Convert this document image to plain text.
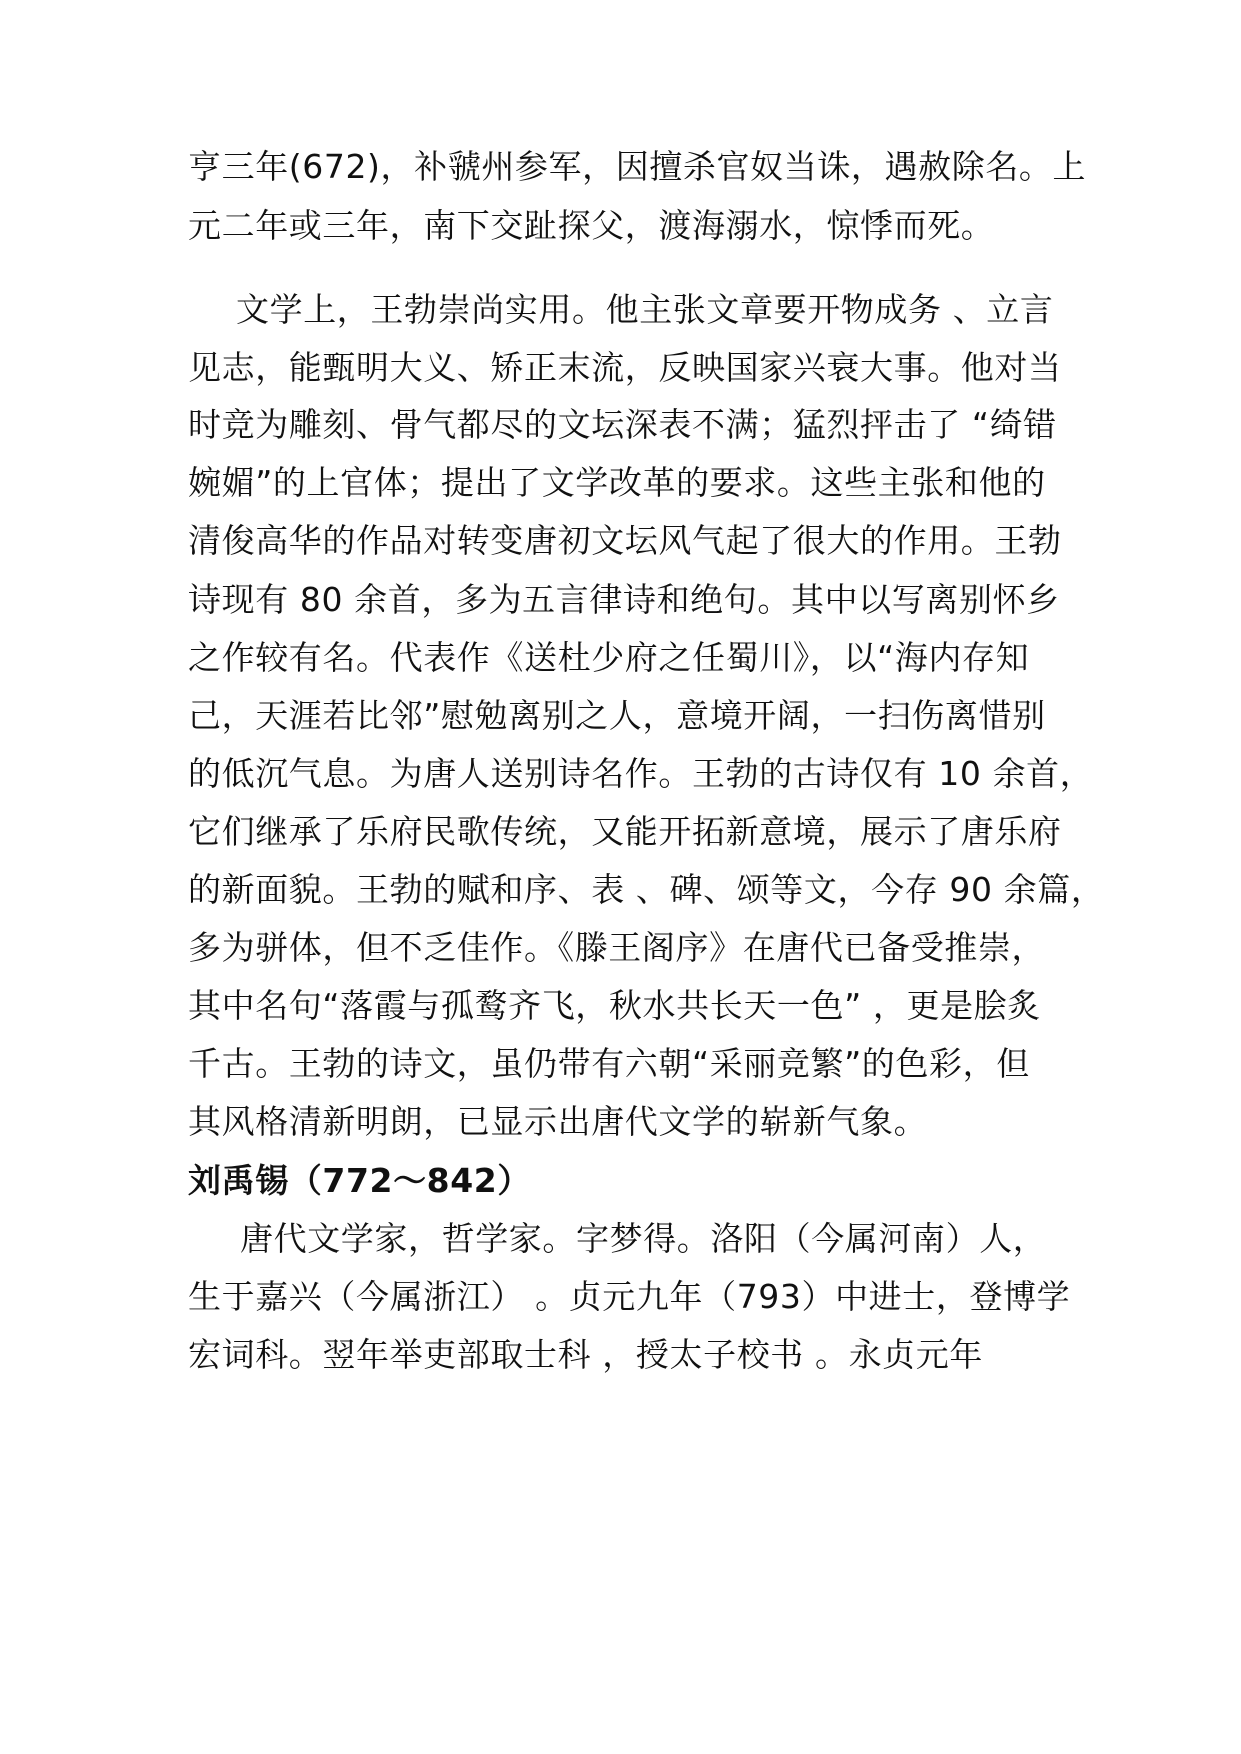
亨三年(672)，补虢州参军，因擅杀官奴当诛，遇赦除名。上
元二年或三年，南下交趾探父，渡海溺水，惊悸而死。
文学上，王勃崇尚实用。他主张文章要开物成务 、立言
见志，能甄明大义、矫正末流，反映国家兴衰大事。他对当
时竞为雕刻、骨气都尽的文坛深表不满；猛烈抨击了 “绮错
婉媚”的上官体；提出了文学改革的要求。这些主张和他的
清俊高华的作品对转变唐初文坛风气起了很大的作用。王勃
诗现有 80 余首，多为五言律诗和绝句。其中以写离别怀乡
之作较有名。代表作《送杜少府之任蜀川》，以“海内存知
己，天涯若比邻”慰勉离别之人，意境开阔，一扫伤离惜别
的低沉气息。为唐人送别诗名作。王勃的古诗仅有 10 余首，
它们继承了乐府民歌传统，又能开拓新意境，展示了唐乐府
的新面貌。王勃的赋和序、表 、碑、颂等文，今存 90 余篇，
多为骈体，但不乏佳作。《滕王阁序》在唐代已备受推崇，
其中名句“落霞与孤鹜齐飞，秋水共长天一色” ，更是脍炙
千古。王勃的诗文，虽仍带有六朝“采丽竞繁”的色彩，但
其风格清新明朗，已显示出唐代文学的崭新气象。
刘禹锡（772～842）
唐代文学家，哲学家。字梦得。洛阳（今属河南）人，
生于嘉兴（今属浙江） 。贞元九年（793）中进士，登博学
宏词科。翌年举吏部取士科 ，授太子校书 。永贞元年
